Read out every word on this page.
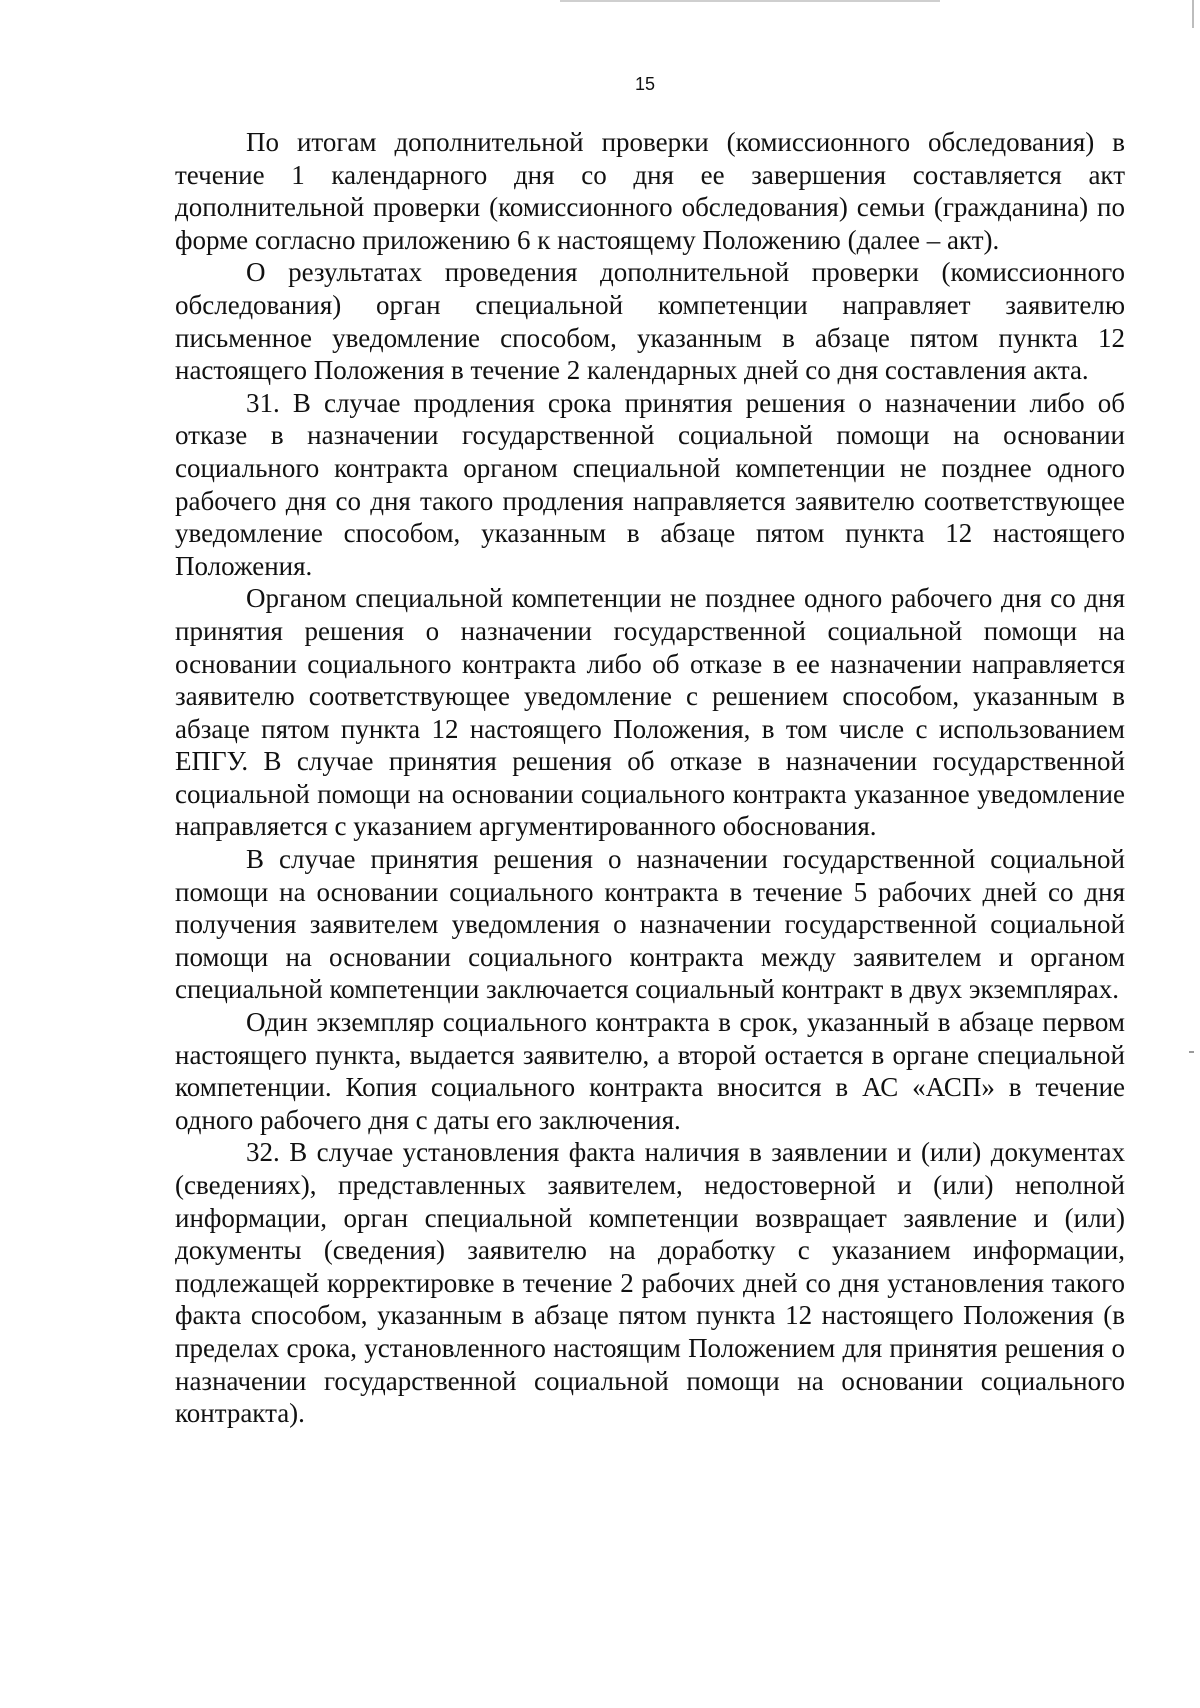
15

По итогам дополнительной проверки (комиссионного обследования) в течение 1 календарного дня со дня ее завершения составляется акт дополнительной проверки (комиссионного обследования) семьи (гражданина) по форме согласно приложению 6 к настоящему Положению (далее – акт).

О результатах проведения дополнительной проверки (комиссионного обследования) орган специальной компетенции направляет заявителю письменное уведомление способом, указанным в абзаце пятом пункта 12 настоящего Положения в течение 2 календарных дней со дня составления акта.

31. В случае продления срока принятия решения о назначении либо об отказе в назначении государственной социальной помощи на основании социального контракта органом специальной компетенции не позднее одного рабочего дня со дня такого продления направляется заявителю соответствующее уведомление способом, указанным в абзаце пятом пункта 12 настоящего Положения.

Органом специальной компетенции не позднее одного рабочего дня со дня принятия решения о назначении государственной социальной помощи на основании социального контракта либо об отказе в ее назначении направляется заявителю соответствующее уведомление с решением способом, указанным в абзаце пятом пункта 12 настоящего Положения, в том числе с использованием ЕПГУ. В случае принятия решения об отказе в назначении государственной социальной помощи на основании социального контракта указанное уведомление направляется с указанием аргументированного обоснования.

В случае принятия решения о назначении государственной социальной помощи на основании социального контракта в течение 5 рабочих дней со дня получения заявителем уведомления о назначении государственной социальной помощи на основании социального контракта между заявителем и органом специальной компетенции заключается социальный контракт в двух экземплярах.

Один экземпляр социального контракта в срок, указанный в абзаце первом настоящего пункта, выдается заявителю, а второй остается в органе специальной компетенции. Копия социального контракта вносится в АС «АСП» в течение одного рабочего дня с даты его заключения.

32. В случае установления факта наличия в заявлении и (или) документах (сведениях), представленных заявителем, недостоверной и (или) неполной информации, орган специальной компетенции возвращает заявление и (или) документы (сведения) заявителю на доработку с указанием информации, подлежащей корректировке в течение 2 рабочих дней со дня установления такого факта способом, указанным в абзаце пятом пункта 12 настоящего Положения (в пределах срока, установленного настоящим Положением для принятия решения о назначении государственной социальной помощи на основании социального контракта).
